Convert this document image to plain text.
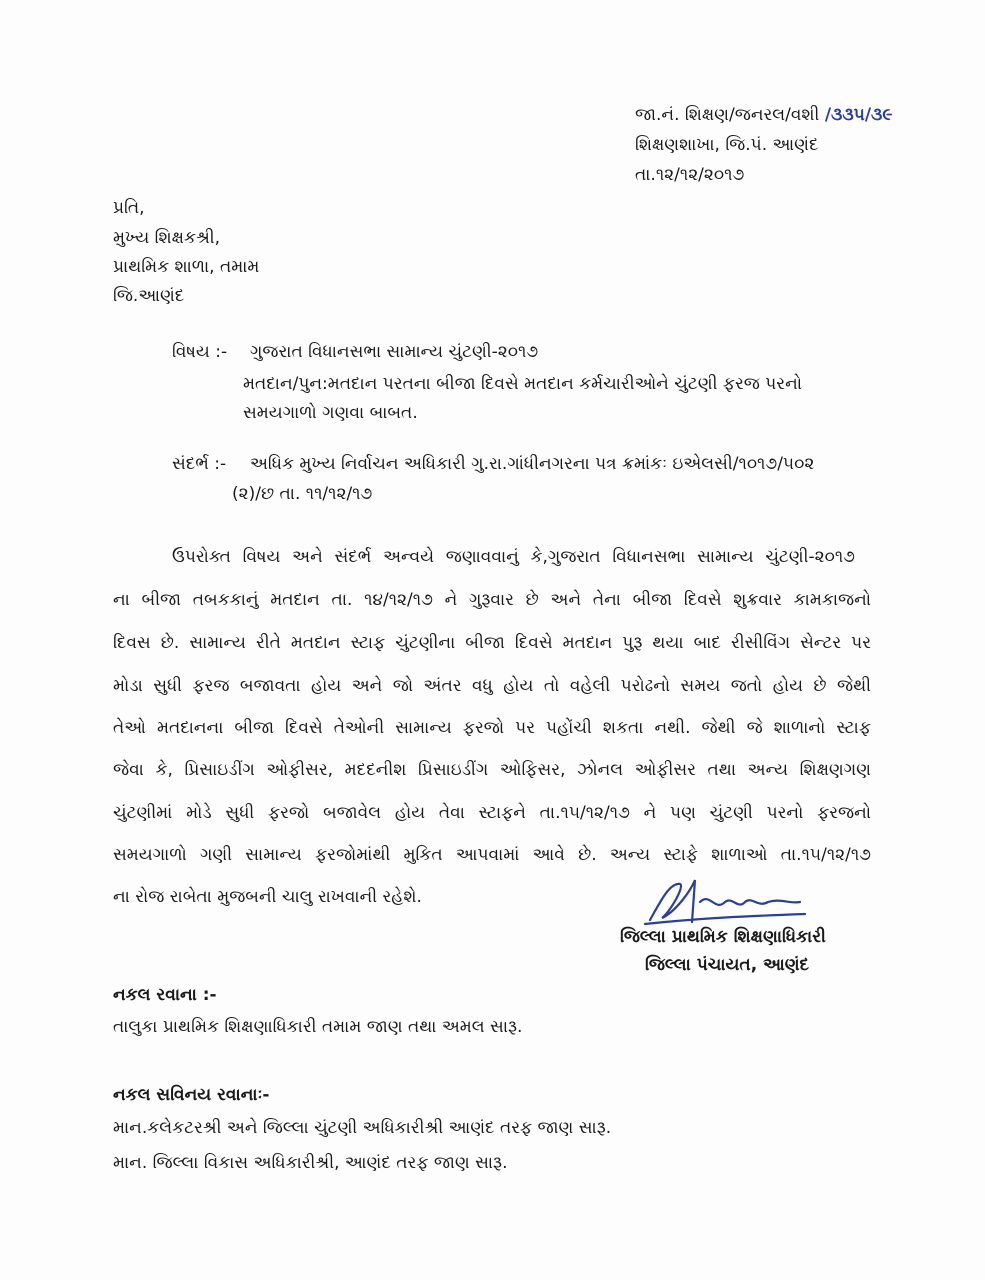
જા.નં. શિક્ષણ/જનરલ/વશી /૩૩૫/૩૯
શિક્ષણશાખા, જિ.પં. આણંદ
તા.૧૨/૧૨/૨૦૧૭
પ્રતિ,
મુખ્ય શિક્ષકશ્રી,
પ્રાથમિક શાળા, તમામ
જિ.આણંદ
વિષય :- ગુજરાત વિધાનસભા સામાન્ય ચુંટણી-૨૦૧૭
મતદાન/પુન:મતદાન પરતના બીજા દિવસે મતદાન કર્મચારીઓને ચુંટણી ફરજ પરનો
સમયગાળો ગણવા બાબત.
સંદર્ભ :- અધિક મુખ્ય નિર્વાચન અધિકારી ગુ.રા.ગાંધીનગરના પત્ર ક્રમાંકઃ ઇએલસી/૧૦૧૭/૫૦૨
(૨)/છ તા. ૧૧/૧૨/૧૭
ઉપરોક્ત વિષય અને સંદર્ભ અન્વયે જણાવવાનું કે,ગુજરાત વિધાનસભા સામાન્ય ચુંટણી-૨૦૧૭
ના બીજા તબકકાનું મતદાન તા. ૧૪/૧૨/૧૭ ને ગુરૂવાર છે અને તેના બીજા દિવસે શુક્રવાર કામકાજનો
દિવસ છે. સામાન્ય રીતે મતદાન સ્ટાફ ચુંટણીના બીજા દિવસે મતદાન પુરૂ થયા બાદ રીસીવિંગ સેન્ટર પર
મોડા સુધી ફરજ બજાવતા હોય અને જો અંતર વધુ હોય તો વહેલી પરોઢનો સમય જતો હોય છે જેથી
તેઓ મતદાનના બીજા દિવસે તેઓની સામાન્ય ફરજો પર પહોંચી શકતા નથી. જેથી જે શાળાનો સ્ટાફ
જેવા કે, પ્રિસાઇડીંગ ઓફીસર, મદદનીશ પ્રિસાઇડીંગ ઓફિસર, ઝોનલ ઓફીસર તથા અન્ય શિક્ષણગણ
ચુંટણીમાં મોડે સુધી ફરજો બજાવેલ હોય તેવા સ્ટાફને તા.૧૫/૧૨/૧૭ ને પણ ચુંટણી પરનો ફરજનો
સમયગાળો ગણી સામાન્ય ફરજોમાંથી મુકિત આપવામાં આવે છે. અન્ય સ્ટાફે શાળાઓ તા.૧૫/૧૨/૧૭
ના રોજ રાબેતા મુજબની ચાલુ રાખવાની રહેશે.
જિલ્લા પ્રાથમિક શિક્ષણાધિકારી
જિલ્લા પંચાયત, આણંદ
નકલ રવાના :-
તાલુકા પ્રાથમિક શિક્ષણાધિકારી તમામ જાણ તથા અમલ સારૂ.
નકલ સવિનય રવાનાઃ-
માન.કલેકટરશ્રી અને જિલ્લા ચુંટણી અધિકારીશ્રી આણંદ તરફ જાણ સારૂ.
માન. જિલ્લા વિકાસ અધિકારીશ્રી, આણંદ તરફ જાણ સારૂ.
